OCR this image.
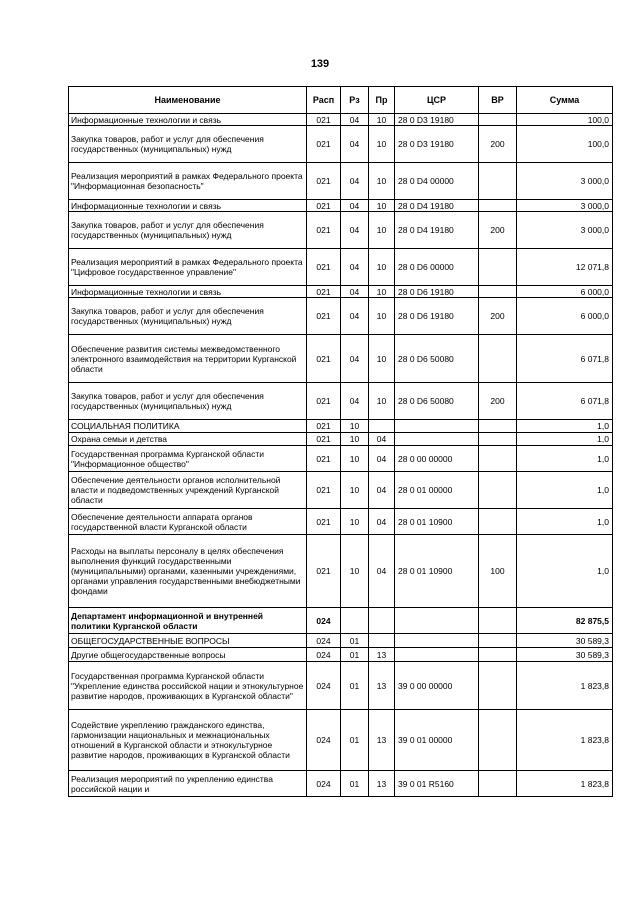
139
Наименование	Расп	Рз	Пр	ЦСР	ВР	Сумма
Информационные технологии и связь	021	04	10	28 0 D3 19180		100,0
Закупка товаров, работ и услуг для обеспечения государственных (муниципальных) нужд	021	04	10	28 0 D3 19180	200	100,0
Реализация мероприятий в рамках Федерального проекта "Информационная безопасность"	021	04	10	28 0 D4 00000		3 000,0
Информационные технологии и связь	021	04	10	28 0 D4 19180		3 000,0
Закупка товаров, работ и услуг для обеспечения государственных (муниципальных) нужд	021	04	10	28 0 D4 19180	200	3 000,0
Реализация мероприятий в рамках Федерального проекта "Цифровое государственное управление"	021	04	10	28 0 D6 00000		12 071,8
Информационные технологии и связь	021	04	10	28 0 D6 19180		6 000,0
Закупка товаров, работ и услуг для обеспечения государственных (муниципальных) нужд	021	04	10	28 0 D6 19180	200	6 000,0
Обеспечение развития системы межведомственного электронного взаимодействия на территории Курганской области	021	04	10	28 0 D6 50080		6 071,8
Закупка товаров, работ и услуг для обеспечения государственных (муниципальных) нужд	021	04	10	28 0 D6 50080	200	6 071,8
СОЦИАЛЬНАЯ ПОЛИТИКА	021	10				1,0
Охрана семьи и детства	021	10	04			1,0
Государственная программа Курганской области "Информационное общество"	021	10	04	28 0 00 00000		1,0
Обеспечение деятельности органов исполнительной власти и подведомственных учреждений Курганской области	021	10	04	28 0 01 00000		1,0
Обеспечение деятельности аппарата органов государственной власти Курганской области	021	10	04	28 0 01 10900		1,0
Расходы на выплаты персоналу в целях обеспечения выполнения функций государственными (муниципальными) органами, казенными учреждениями, органами управления государственными внебюджетными фондами	021	10	04	28 0 01 10900	100	1,0
Департамент информационной и внутренней политики Курганской области	024					82 875,5
ОБЩЕГОСУДАРСТВЕННЫЕ ВОПРОСЫ	024	01				30 589,3
Другие общегосударственные вопросы	024	01	13			30 589,3
Государственная программа Курганской области "Укрепление единства российской нации и этнокультурное развитие народов, проживающих в Курганской области"	024	01	13	39 0 00 00000		1 823,8
Содействие укреплению гражданского единства, гармонизации национальных и межнациональных отношений в Курганской области и этнокультурное развитие народов, проживающих в Курганской области	024	01	13	39 0 01 00000		1 823,8
Реализация мероприятий по укреплению единства российской нации и	024	01	13	39 0 01 R5160		1 823,8
